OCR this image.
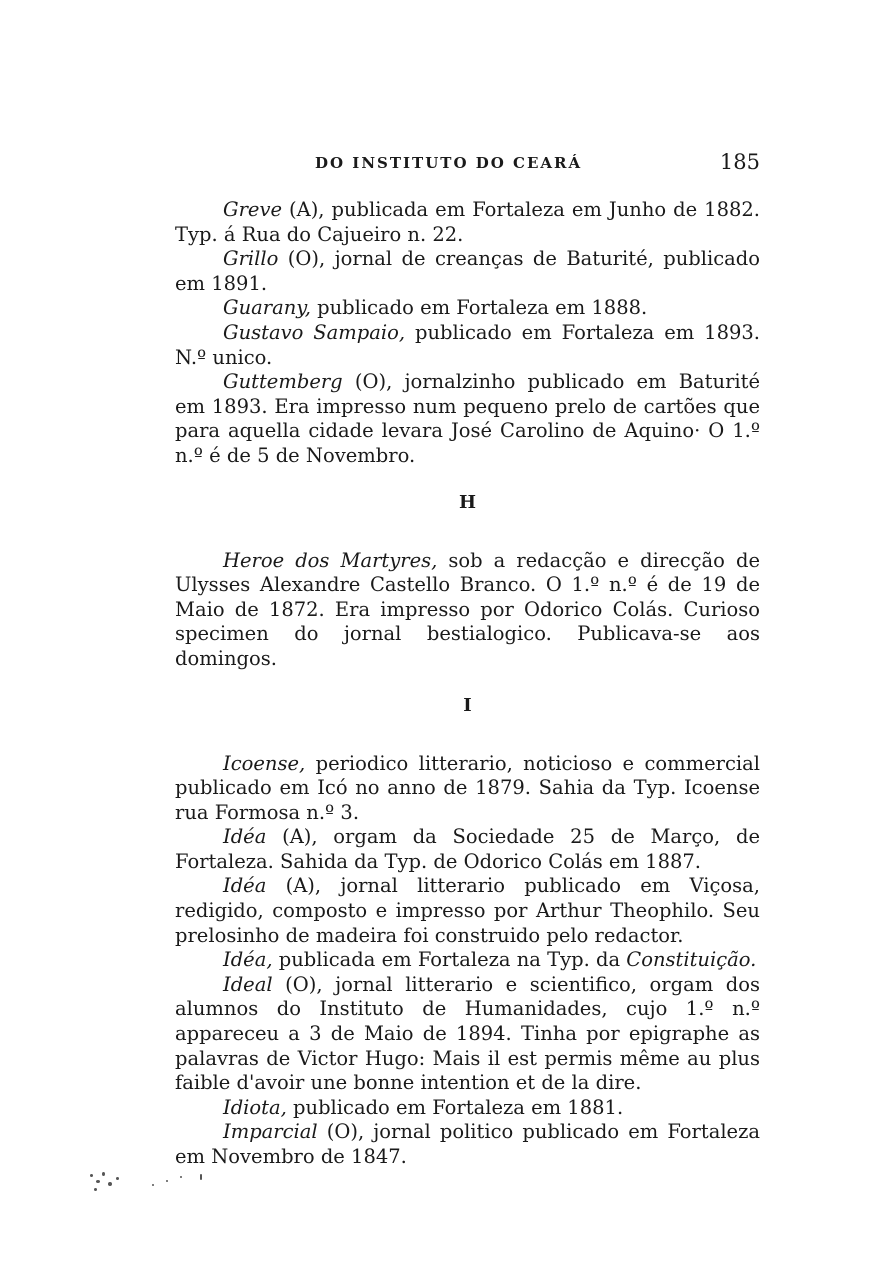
DO INSTITUTO DO CEARÁ	185

Greve (A), publicada em Fortaleza em Junho de 1882. Typ. á Rua do Cajueiro n. 22.

Grillo (O), jornal de creanças de Baturité, publicado em 1891.

Guarany, publicado em Fortaleza em 1888.

Gustavo Sampaio, publicado em Fortaleza em 1893. N.º unico.

Guttemberg (O), jornalzinho publicado em Baturité em 1893. Era impresso num pequeno prelo de cartões que para aquella cidade levara José Carolino de Aquino· O 1.º n.º é de 5 de Novembro.

H

Heroe dos Martyres, sob a redacção e direcção de Ulysses Alexandre Castello Branco. O 1.º n.º é de 19 de Maio de 1872. Era impresso por Odorico Colás. Curioso specimen do jornal bestialogico. Publicava-se aos domingos.

I

Icoense, periodico litterario, noticioso e commercial publicado em Icó no anno de 1879. Sahia da Typ. Icoense rua Formosa n.º 3.

Idéa (A), orgam da Sociedade 25 de Março, de Fortaleza. Sahida da Typ. de Odorico Colás em 1887.

Idéa (A), jornal litterario publicado em Viçosa, redigido, composto e impresso por Arthur Theophilo. Seu prelosinho de madeira foi construido pelo redactor.

Idéa, publicada em Fortaleza na Typ. da Constituição.

Ideal (O), jornal litterario e scientifico, orgam dos alumnos do Instituto de Humanidades, cujo 1.º n.º appareceu a 3 de Maio de 1894. Tinha por epigraphe as palavras de Victor Hugo: Mais il est permis même au plus faible d'avoir une bonne intention et de la dire.

Idiota, publicado em Fortaleza em 1881.

Imparcial (O), jornal politico publicado em Fortaleza em Novembro de 1847.
